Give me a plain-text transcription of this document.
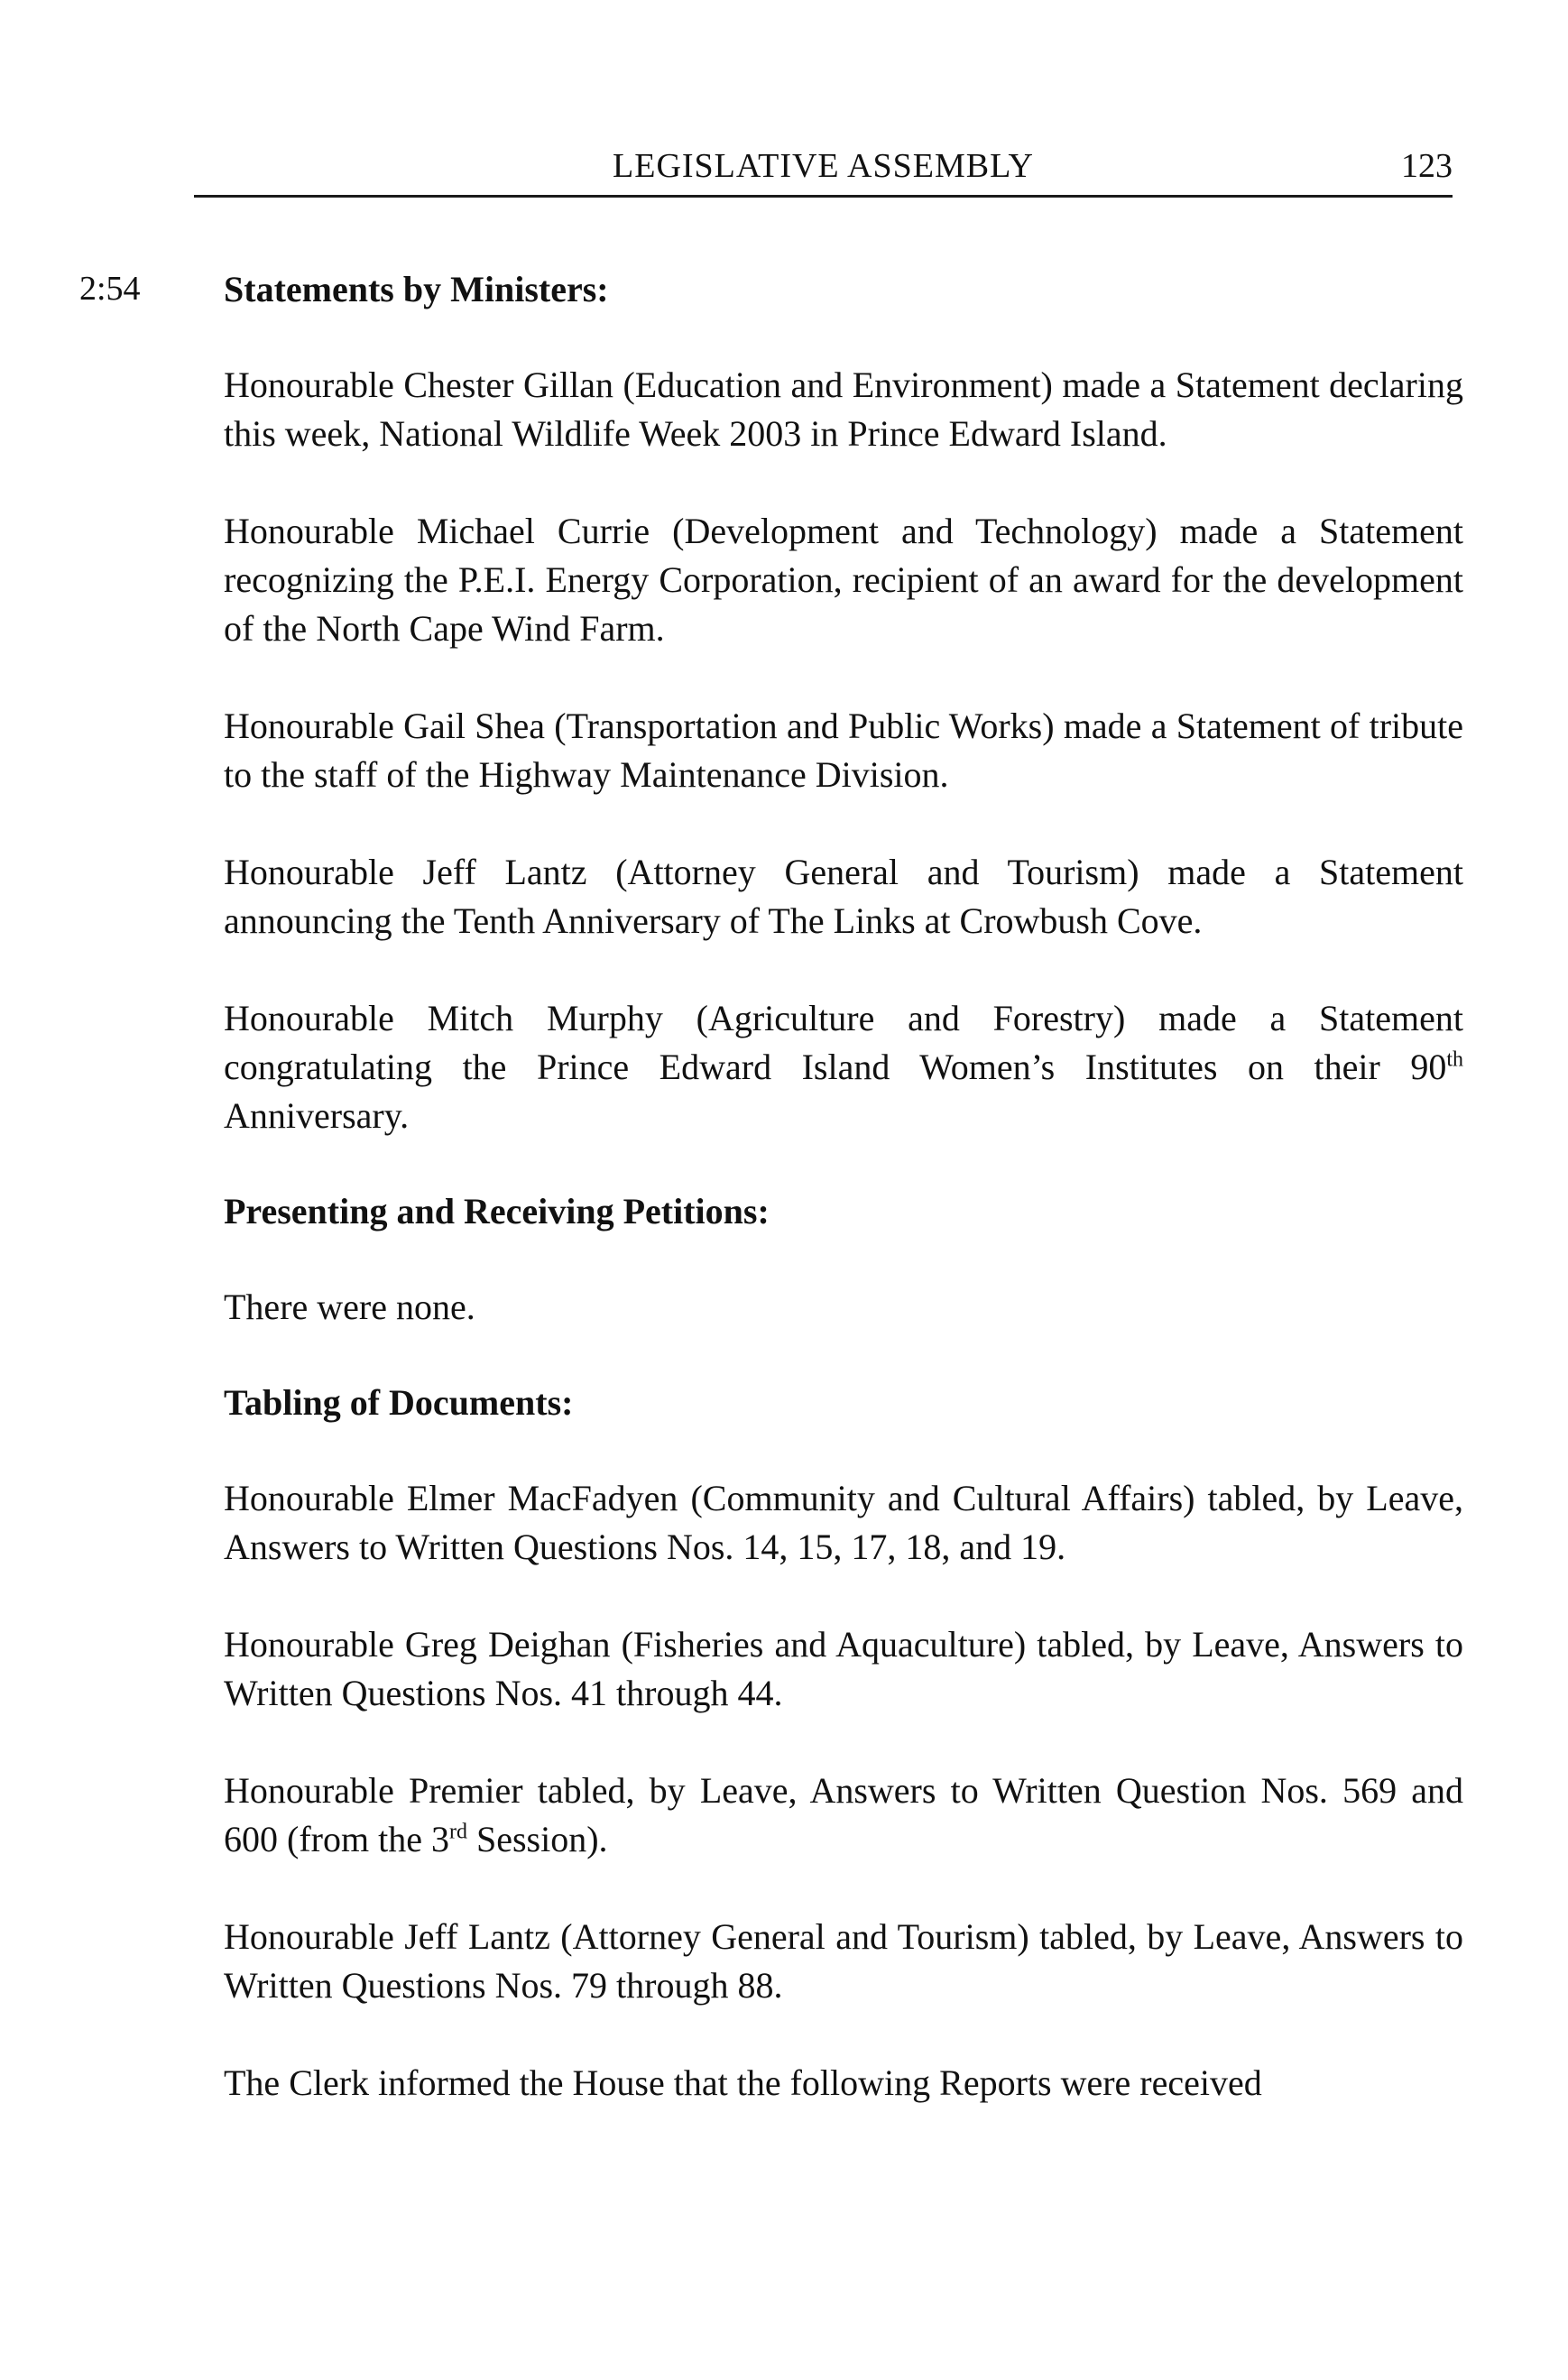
LEGISLATIVE ASSEMBLY	123
2:54 Statements by Ministers:

Honourable Chester Gillan (Education and Environment) made a Statement declaring this week, National Wildlife Week 2003 in Prince Edward Island.

Honourable Michael Currie (Development and Technology) made a Statement recognizing the P.E.I. Energy Corporation, recipient of an award for the development of the North Cape Wind Farm.

Honourable Gail Shea (Transportation and Public Works) made a Statement of tribute to the staff of the Highway Maintenance Division.

Honourable Jeff Lantz (Attorney General and Tourism) made a Statement announcing the Tenth Anniversary of The Links at Crowbush Cove.

Honourable Mitch Murphy (Agriculture and Forestry) made a Statement congratulating the Prince Edward Island Women’s Institutes on their 90th Anniversary.

Presenting and Receiving Petitions:

There were none.

Tabling of Documents:

Honourable Elmer MacFadyen (Community and Cultural Affairs) tabled, by Leave, Answers to Written Questions Nos. 14, 15, 17, 18, and 19.

Honourable Greg Deighan (Fisheries and Aquaculture) tabled, by Leave, Answers to Written Questions Nos. 41 through 44.

Honourable Premier tabled, by Leave, Answers to Written Question Nos. 569 and 600 (from the 3rd Session).

Honourable Jeff Lantz (Attorney General and Tourism) tabled, by Leave, Answers to Written Questions Nos. 79 through 88.

The Clerk informed the House that the following Reports were received
